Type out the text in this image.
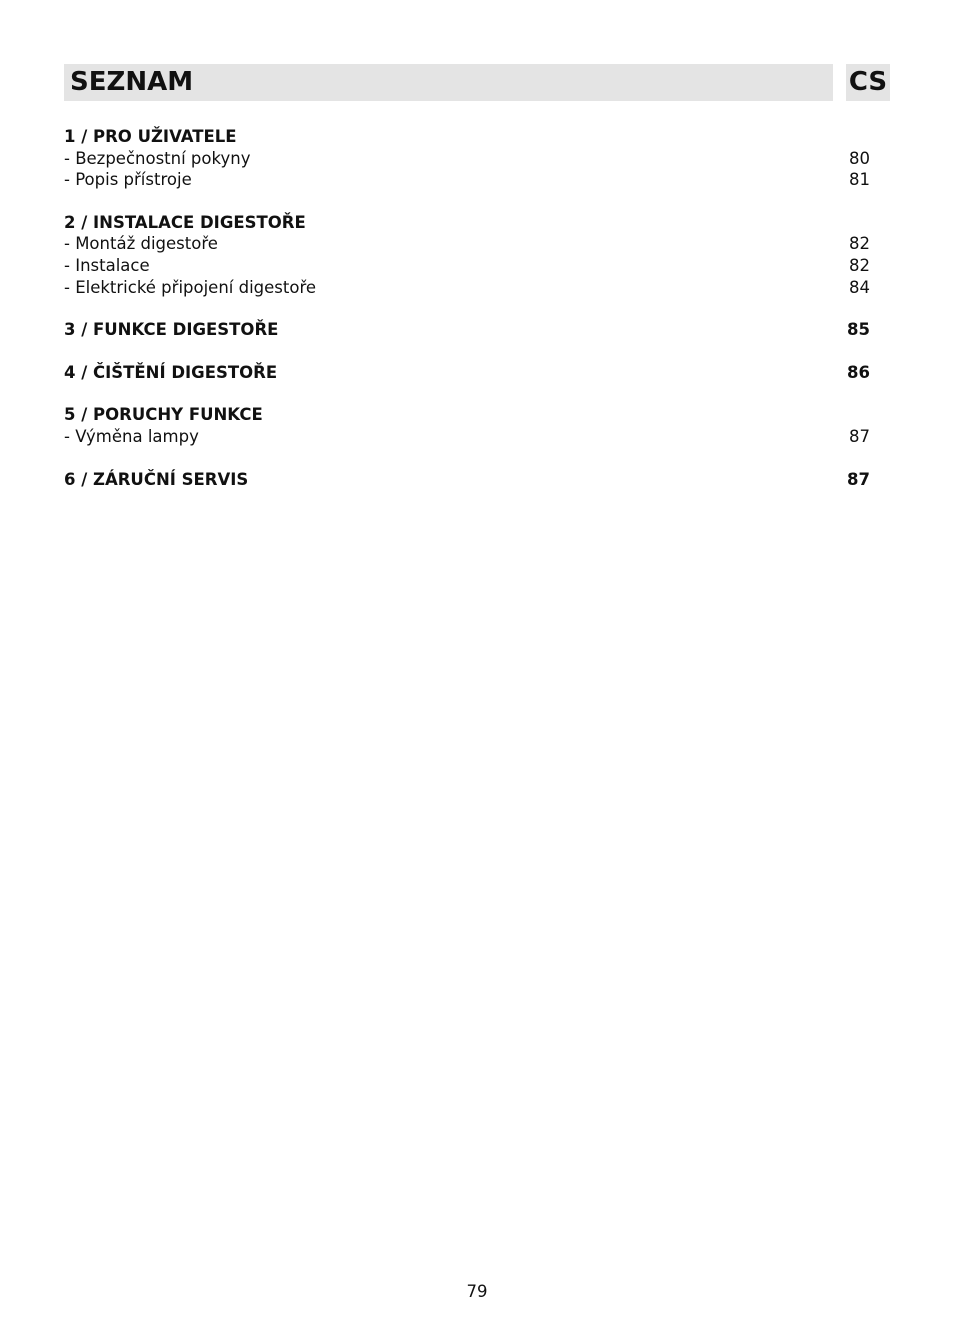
SEZNAM	CS
1 / PRO UŽIVATELE
- Bezpečnostní pokyny	80
- Popis přístroje	81
2 / INSTALACE DIGESTOŘE
- Montáž digestoře	82
- Instalace	82
- Elektrické připojení digestoře	84
3 / FUNKCE DIGESTOŘE	85
4 / ČIŠTĚNÍ DIGESTOŘE	86
5 / PORUCHY FUNKCE
- Výměna lampy	87
6 / ZÁRUČNÍ SERVIS	87
79
